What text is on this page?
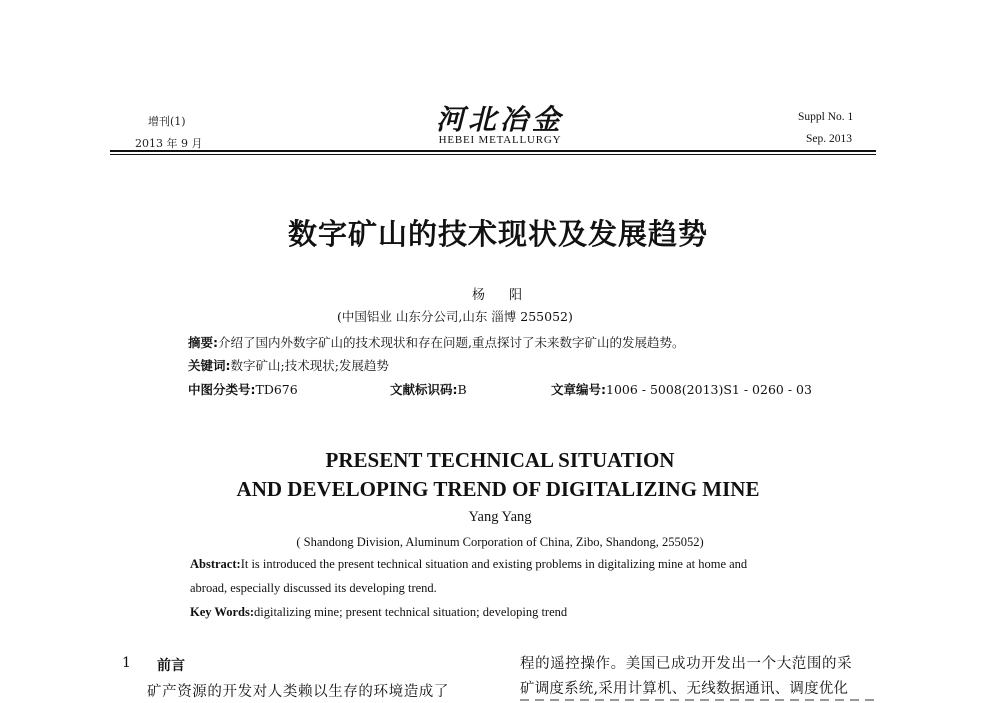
增刊(1)
2013 年 9 月
河北冶金
HEBEI METALLURGY
Suppl No. 1
Sep. 2013
数字矿山的技术现状及发展趋势
杨 阳
(中国铝业 山东分公司,山东 淄博 255052)
摘要:介绍了国内外数字矿山的技术现状和存在问题,重点探讨了未来数字矿山的发展趋势。
关键词:数字矿山;技术现状;发展趋势
中图分类号:TD676	文献标识码:B	文章编号:1006 - 5008(2013)S1 - 0260 - 03
PRESENT TECHNICAL SITUATION
AND DEVELOPING TREND OF DIGITALIZING MINE
Yang Yang
( Shandong Division, Aluminum Corporation of China, Zibo, Shandong, 255052)
Abstract:It is introduced the present technical situation and existing problems in digitalizing mine at home and
abroad, especially discussed its developing trend.
Key Words:digitalizing mine; present technical situation; developing trend
1 前言
矿产资源的开发对人类赖以生存的环境造成了
程的遥控操作。美国已成功开发出一个大范围的采
矿调度系统,采用计算机、无线数据通讯、调度优化
